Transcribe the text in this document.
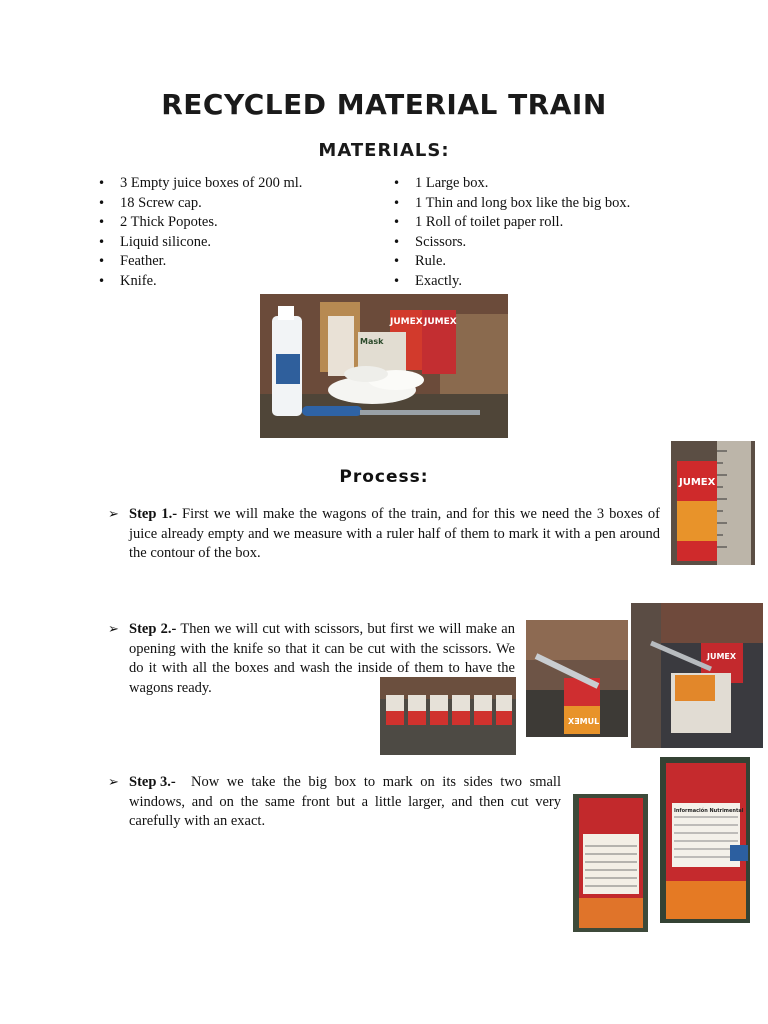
RECYCLED MATERIAL TRAIN
MATERIALS:
• 3 Empty juice boxes of 200 ml.
• 18 Screw cap.
• 2 Thick Popotes.
• Liquid silicone.
• Feather.
• Knife.
• 1 Large box.
• 1 Thin and long box like the big box.
• 1 Roll of toilet paper roll.
• Scissors.
• Rule.
• Exactly.
JUMEX JUMEX
Mask
Process:	JUMEX
➢ Step 1.- First we will make the wagons of the train, and for this we need the 3 boxes of juice already empty and we measure with a ruler half of them to mark it with a pen around the contour of the box.
➢ Step 2.- Then we will cut with scissors, but first we will make an opening with the knife so that it can be cut with the scissors. We do it with all the boxes and wash the inside of them to have the wagons ready.
XƎMUL
JUMEX
➢ Step 3.-	Now we take the big box to mark on its sides two small windows, and on the same front but a little larger, and then cut very carefully with an exact.
Información Nutrimental
